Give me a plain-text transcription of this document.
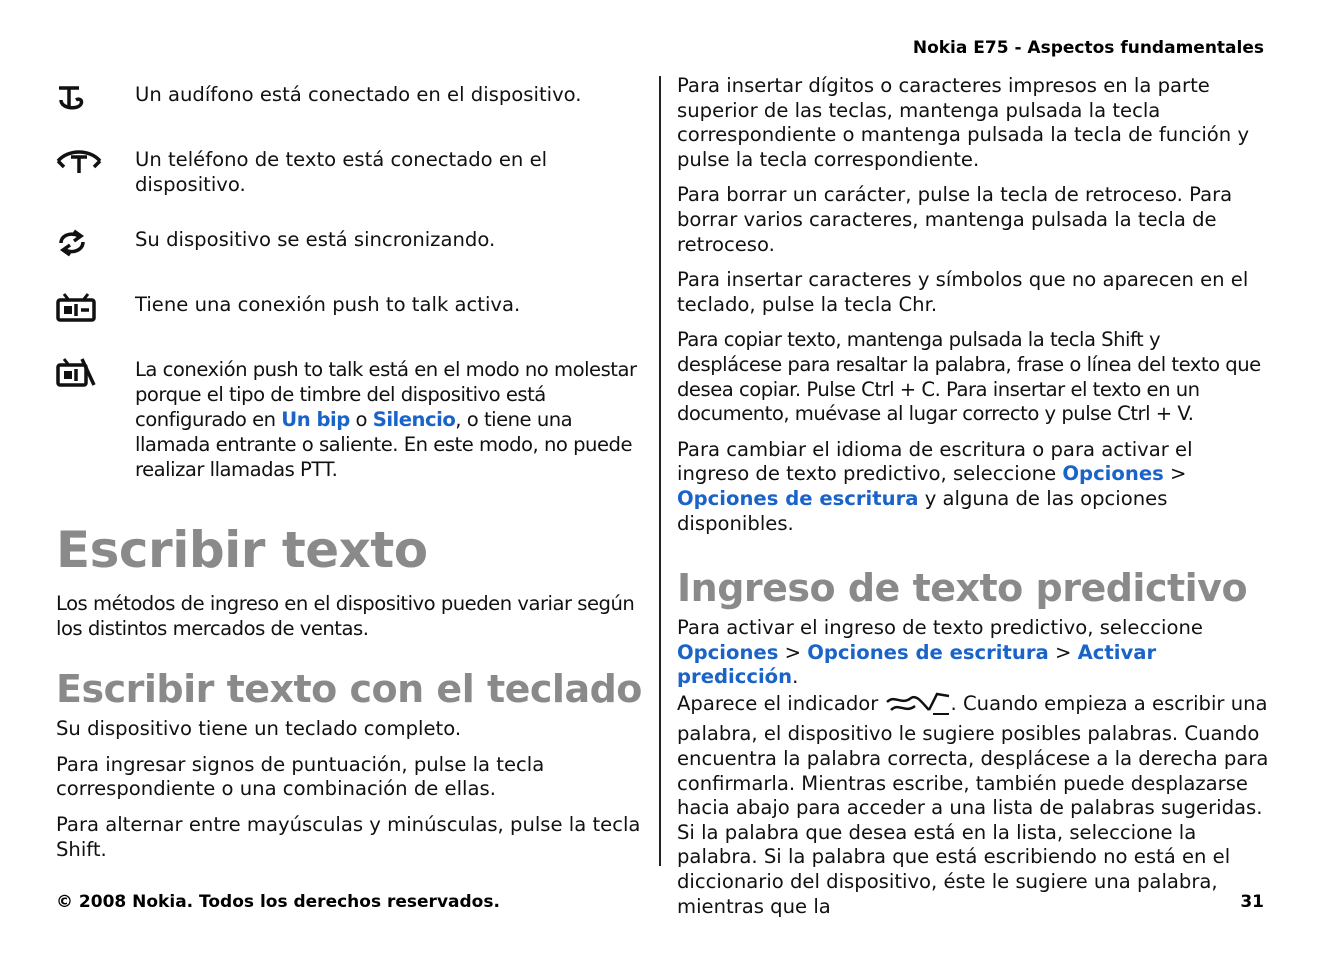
Nokia E75 - Aspectos fundamentales
Un audífono está conectado en el dispositivo.
Un teléfono de texto está conectado en el dispositivo.
Su dispositivo se está sincronizando.
Tiene una conexión push to talk activa.
La conexión push to talk está en el modo no molestar porque el tipo de timbre del dispositivo está configurado en Un bip o Silencio, o tiene una llamada entrante o saliente. En este modo, no puede realizar llamadas PTT.
Escribir texto

Los métodos de ingreso en el dispositivo pueden variar según los distintos mercados de ventas.

Escribir texto con el teclado

Su dispositivo tiene un teclado completo.

Para ingresar signos de puntuación, pulse la tecla correspondiente o una combinación de ellas.

Para alternar entre mayúsculas y minúsculas, pulse la tecla Shift.

Para insertar dígitos o caracteres impresos en la parte superior de las teclas, mantenga pulsada la tecla correspondiente o mantenga pulsada la tecla de función y pulse la tecla correspondiente.

Para borrar un carácter, pulse la tecla de retroceso. Para borrar varios caracteres, mantenga pulsada la tecla de retroceso.

Para insertar caracteres y símbolos que no aparecen en el teclado, pulse la tecla Chr.

Para copiar texto, mantenga pulsada la tecla Shift y desplácese para resaltar la palabra, frase o línea del texto que desea copiar. Pulse Ctrl + C. Para insertar el texto en un documento, muévase al lugar correcto y pulse Ctrl + V.

Para cambiar el idioma de escritura o para activar el ingreso de texto predictivo, seleccione Opciones > Opciones de escritura y alguna de las opciones disponibles.

Ingreso de texto predictivo

Para activar el ingreso de texto predictivo, seleccione Opciones > Opciones de escritura > Activar predicción.
Aparece el indicador	. Cuando empieza a escribir una palabra, el dispositivo le sugiere posibles palabras. Cuando encuentra la palabra correcta, desplácese a la derecha para confirmarla. Mientras escribe, también puede desplazarse hacia abajo para acceder a una lista de palabras sugeridas. Si la palabra que desea está en la lista, seleccione la palabra. Si la palabra que está escribiendo no está en el diccionario del dispositivo, éste le sugiere una palabra, mientras que la

© 2008 Nokia. Todos los derechos reservados.	31
